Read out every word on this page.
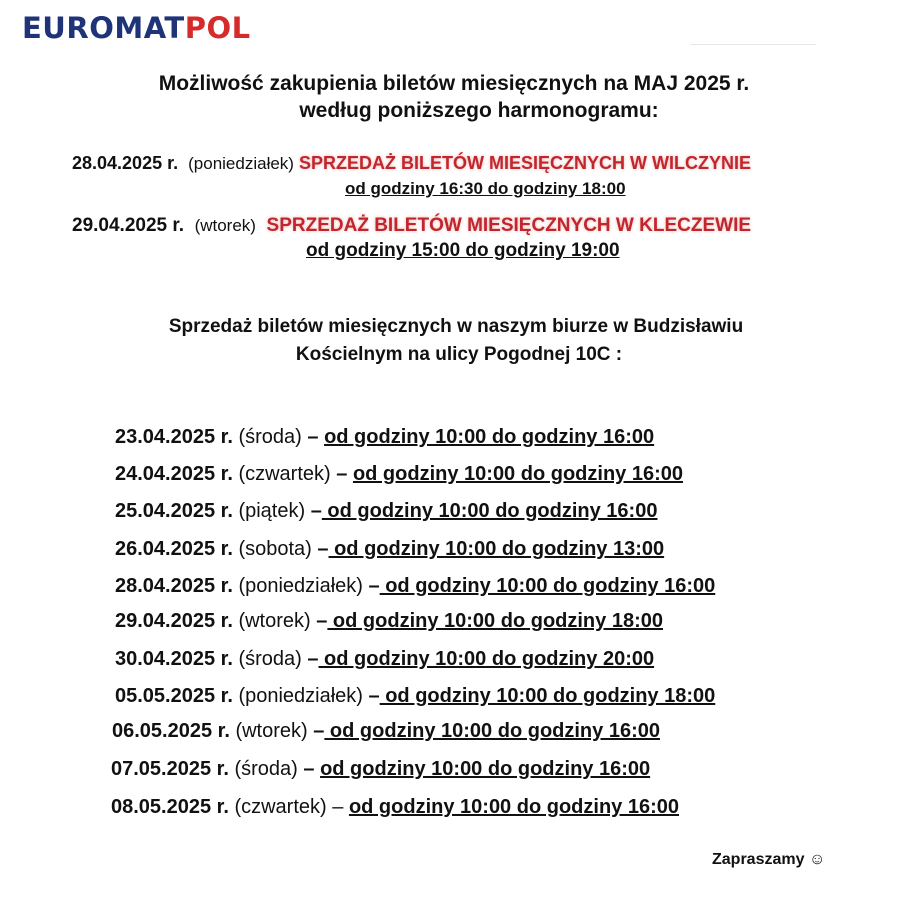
EUROMATPOL
Możliwość zakupienia biletów miesięcznych na MAJ 2025 r.
według poniższego harmonogramu:
28.04.2025 r. (poniedziałek) SPRZEDAŻ BILETÓW MIESIĘCZNYCH W WILCZYNIE
od godziny 16:30 do godziny 18:00
29.04.2025 r. (wtorek) SPRZEDAŻ BILETÓW MIESIĘCZNYCH W KLECZEWIE
od godziny 15:00 do godziny 19:00
Sprzedaż biletów miesięcznych w naszym biurze w Budzisławiu
Kościelnym na ulicy Pogodnej 10C :
23.04.2025 r. (środa) – od godziny 10:00 do godziny 16:00
24.04.2025 r. (czwartek) – od godziny 10:00 do godziny 16:00
25.04.2025 r. (piątek) – od godziny 10:00 do godziny 16:00
26.04.2025 r. (sobota) – od godziny 10:00 do godziny 13:00
28.04.2025 r. (poniedziałek) – od godziny 10:00 do godziny 16:00
29.04.2025 r. (wtorek) – od godziny 10:00 do godziny 18:00
30.04.2025 r. (środa) – od godziny 10:00 do godziny 20:00
05.05.2025 r. (poniedziałek) – od godziny 10:00 do godziny 18:00
06.05.2025 r. (wtorek) – od godziny 10:00 do godziny 16:00
07.05.2025 r. (środa) – od godziny 10:00 do godziny 16:00
08.05.2025 r. (czwartek) – od godziny 10:00 do godziny 16:00
Zapraszamy ☺
